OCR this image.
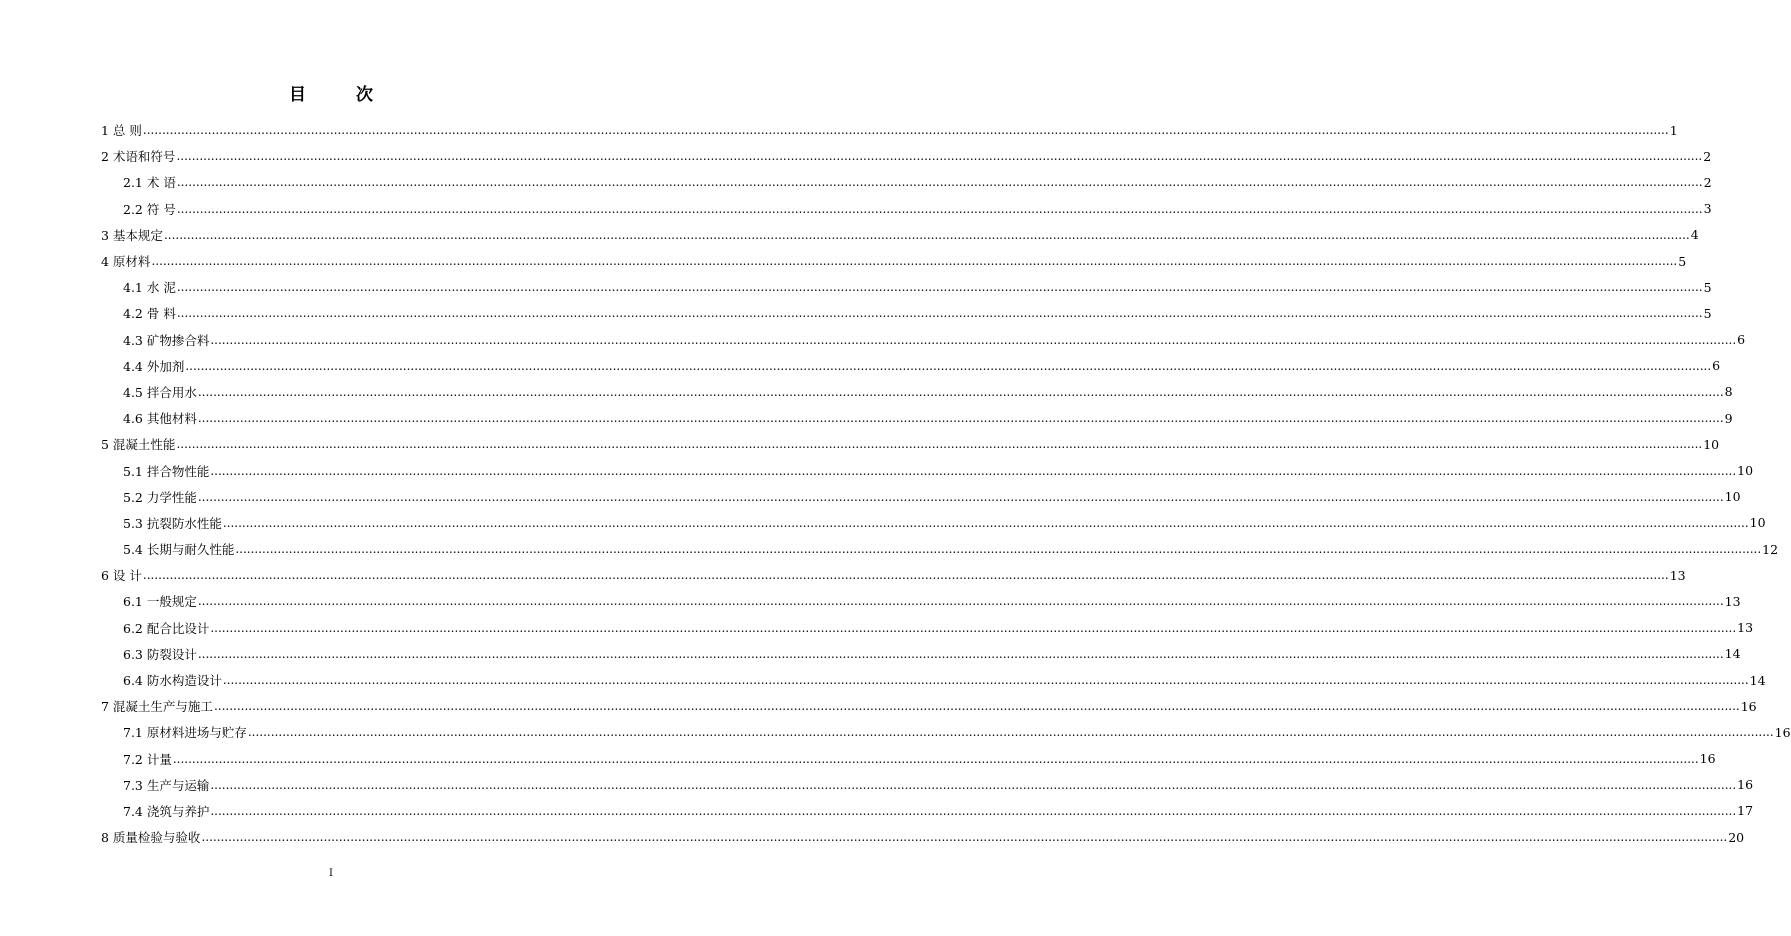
目 次
1 总 则 ................................................................................................................................................................................................................................................................................................................................................................................................................ 1
2 术语和符号 ................................................................................................................................................................................................................................................................................................................................................................................................................ 2
2.1 术 语 ................................................................................................................................................................................................................................................................................................................................................................................................................ 2
2.2 符 号 ................................................................................................................................................................................................................................................................................................................................................................................................................ 3
3 基本规定 ................................................................................................................................................................................................................................................................................................................................................................................................................ 4
4 原材料 ................................................................................................................................................................................................................................................................................................................................................................................................................ 5
4.1 水 泥 ................................................................................................................................................................................................................................................................................................................................................................................................................ 5
4.2 骨 料 ................................................................................................................................................................................................................................................................................................................................................................................................................ 5
4.3 矿物掺合料 ................................................................................................................................................................................................................................................................................................................................................................................................................ 6
4.4 外加剂 ................................................................................................................................................................................................................................................................................................................................................................................................................ 6
4.5 拌合用水 ................................................................................................................................................................................................................................................................................................................................................................................................................ 8
4.6 其他材料 ................................................................................................................................................................................................................................................................................................................................................................................................................ 9
5 混凝土性能 ................................................................................................................................................................................................................................................................................................................................................................................................................ 10
5.1 拌合物性能 ................................................................................................................................................................................................................................................................................................................................................................................................................ 10
5.2 力学性能 ................................................................................................................................................................................................................................................................................................................................................................................................................ 10
5.3 抗裂防水性能 ................................................................................................................................................................................................................................................................................................................................................................................................................ 10
5.4 长期与耐久性能 ................................................................................................................................................................................................................................................................................................................................................................................................................ 12
6 设 计 ................................................................................................................................................................................................................................................................................................................................................................................................................ 13
6.1 一般规定 ................................................................................................................................................................................................................................................................................................................................................................................................................ 13
6.2 配合比设计 ................................................................................................................................................................................................................................................................................................................................................................................................................ 13
6.3 防裂设计 ................................................................................................................................................................................................................................................................................................................................................................................................................ 14
6.4 防水构造设计 ................................................................................................................................................................................................................................................................................................................................................................................................................ 14
7 混凝土生产与施工 ................................................................................................................................................................................................................................................................................................................................................................................................................ 16
7.1 原材料进场与贮存 ................................................................................................................................................................................................................................................................................................................................................................................................................ 16
7.2 计量 ................................................................................................................................................................................................................................................................................................................................................................................................................ 16
7.3 生产与运输 ................................................................................................................................................................................................................................................................................................................................................................................................................ 16
7.4 浇筑与养护 ................................................................................................................................................................................................................................................................................................................................................................................................................ 17
8 质量检验与验收 ................................................................................................................................................................................................................................................................................................................................................................................................................ 20
I
